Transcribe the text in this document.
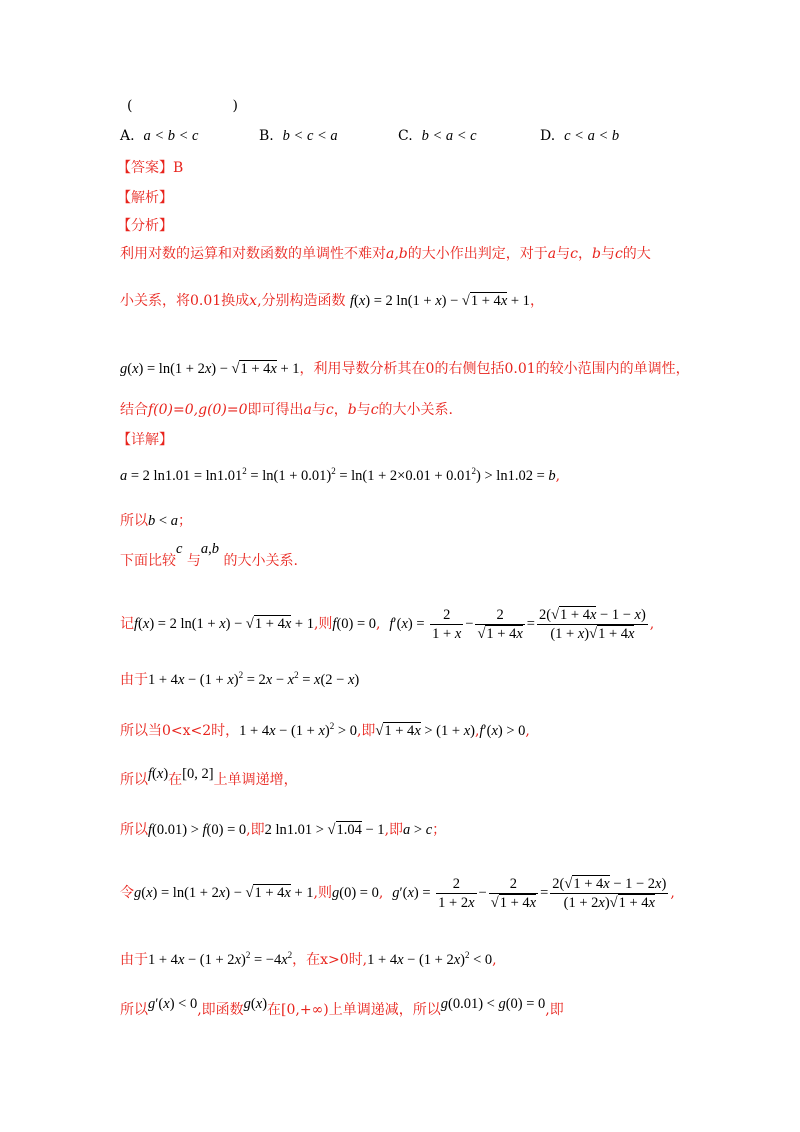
(	)
A. a < b < c	B. b < c < a	C. b < a < c	D. c < a < b
【答案】B
【解析】
【分析】
利用对数的运算和对数函数的单调性不难对a,b的大小作出判定，对于a与c，b与c的大
小关系，将0.01换成x,分别构造函数 f(x) = 2 ln(1 + x) − √1 + 4x + 1，
g(x) = ln(1 + 2x) − √1 + 4x + 1，利用导数分析其在0的右侧包括0.01的较小范围内的单调性，
结合f(0)=0,g(0)=0即可得出a与c，b与c的大小关系.
【详解】
a = 2 $\ln 1.01 = \ln 1.01^2 = \ln(1 + 0.01)^2 = \ln(1 + 2\times 0.01 + 0.01^2) > \ln 1.02 = b$,
所以b < a；
下面比较c 与a,b 的大小关系.
记f(x) = 2 ln(1 + x) − √1 + 4x + 1,则f(0) = 0,  $f'(x) = \frac{2}{1 + x} - \frac{2}{√1 + 4x} = \frac{2(√1 + 4x - 1 - x)}{(1 + x)√1 + 4x}$ ,
由于$1 + 4x - (1 + x)^2 = 2x - x^2 = x(2 - x)$
所以当0<x<2时，$1 + 4x - (1 + x)^2 > 0$,即√1 + 4x > (1 + x),f′(x) > 0,
所以f(x)在[0, 2]上单调递增，
所以f(0.01) > f(0) = 0,即2 ln1.01 > √1.04 − 1,即a > c；
令g(x) = ln(1 + 2x) − √1 + 4x + 1,则g(0) = 0,  $g'(x) = \frac{2}{1 + 2x} - \frac{2}{√1 + 4x} = \frac{2(√1 + 4x - 1 - 2x)}{(1 + 2x)√1 + 4x}$ ,
由于$1 + 4x - (1 + 2x)^2 = -4x^2$，在x>0时$,1 + 4x - (1 + 2x)^2 < 0$,
所以g′(x) < 0,即函数g(x)在[0,+∞)上单调递减，所以g(0.01) < g(0) = 0,即
